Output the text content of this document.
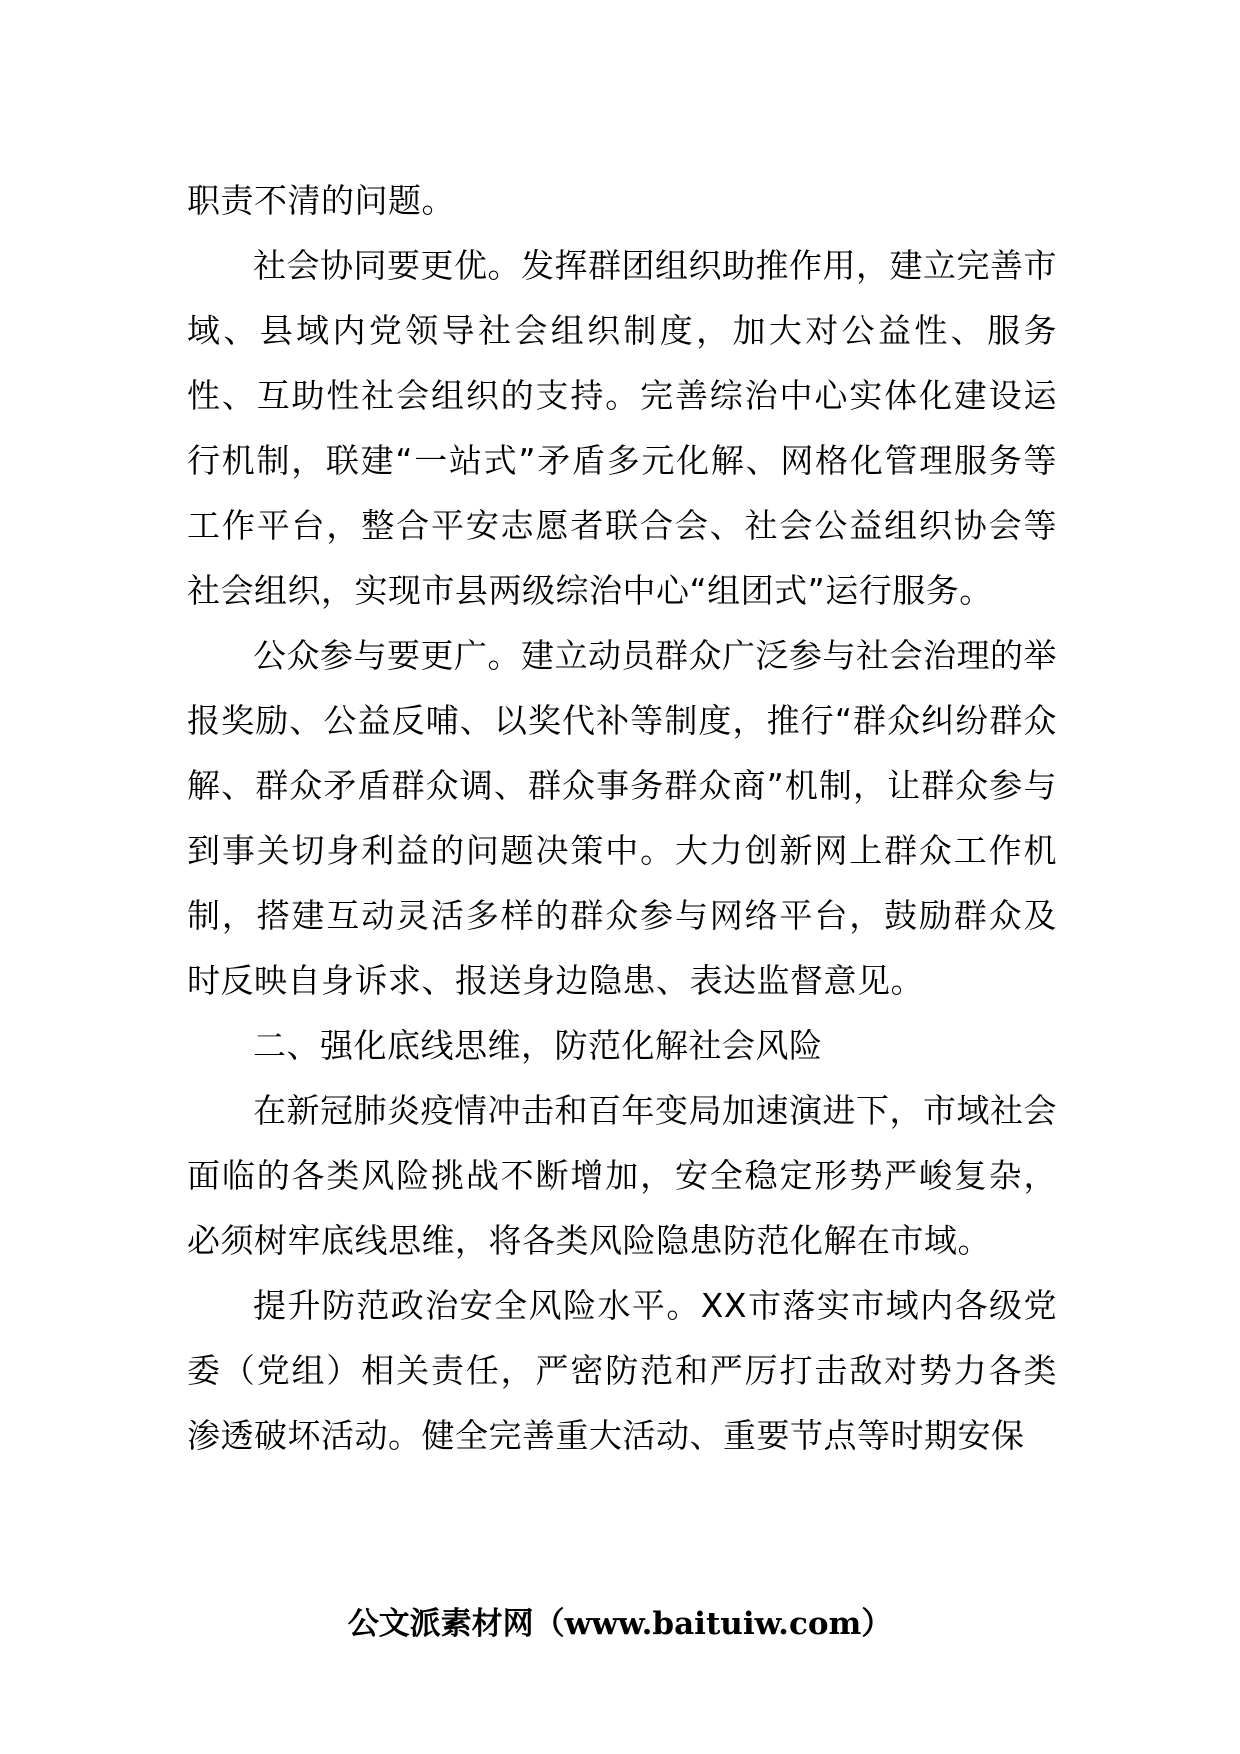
职责不清的问题。

社会协同要更优。发挥群团组织助推作用，建立完善市域、县域内党领导社会组织制度，加大对公益性、服务性、互助性社会组织的支持。完善综治中心实体化建设运行机制，联建“一站式”矛盾多元化解、网格化管理服务等工作平台，整合平安志愿者联合会、社会公益组织协会等社会组织，实现市县两级综治中心“组团式”运行服务。

公众参与要更广。建立动员群众广泛参与社会治理的举报奖励、公益反哺、以奖代补等制度，推行“群众纠纷群众解、群众矛盾群众调、群众事务群众商”机制，让群众参与到事关切身利益的问题决策中。大力创新网上群众工作机制，搭建互动灵活多样的群众参与网络平台，鼓励群众及时反映自身诉求、报送身边隐患、表达监督意见。

二、强化底线思维，防范化解社会风险

在新冠肺炎疫情冲击和百年变局加速演进下，市域社会面临的各类风险挑战不断增加，安全稳定形势严峻复杂，必须树牢底线思维，将各类风险隐患防范化解在市域。

提升防范政治安全风险水平。XX市落实市域内各级党委（党组）相关责任，严密防范和严厉打击敌对势力各类渗透破坏活动。健全完善重大活动、重要节点等时期安保

公文派素材网（www.baituiw.com）
